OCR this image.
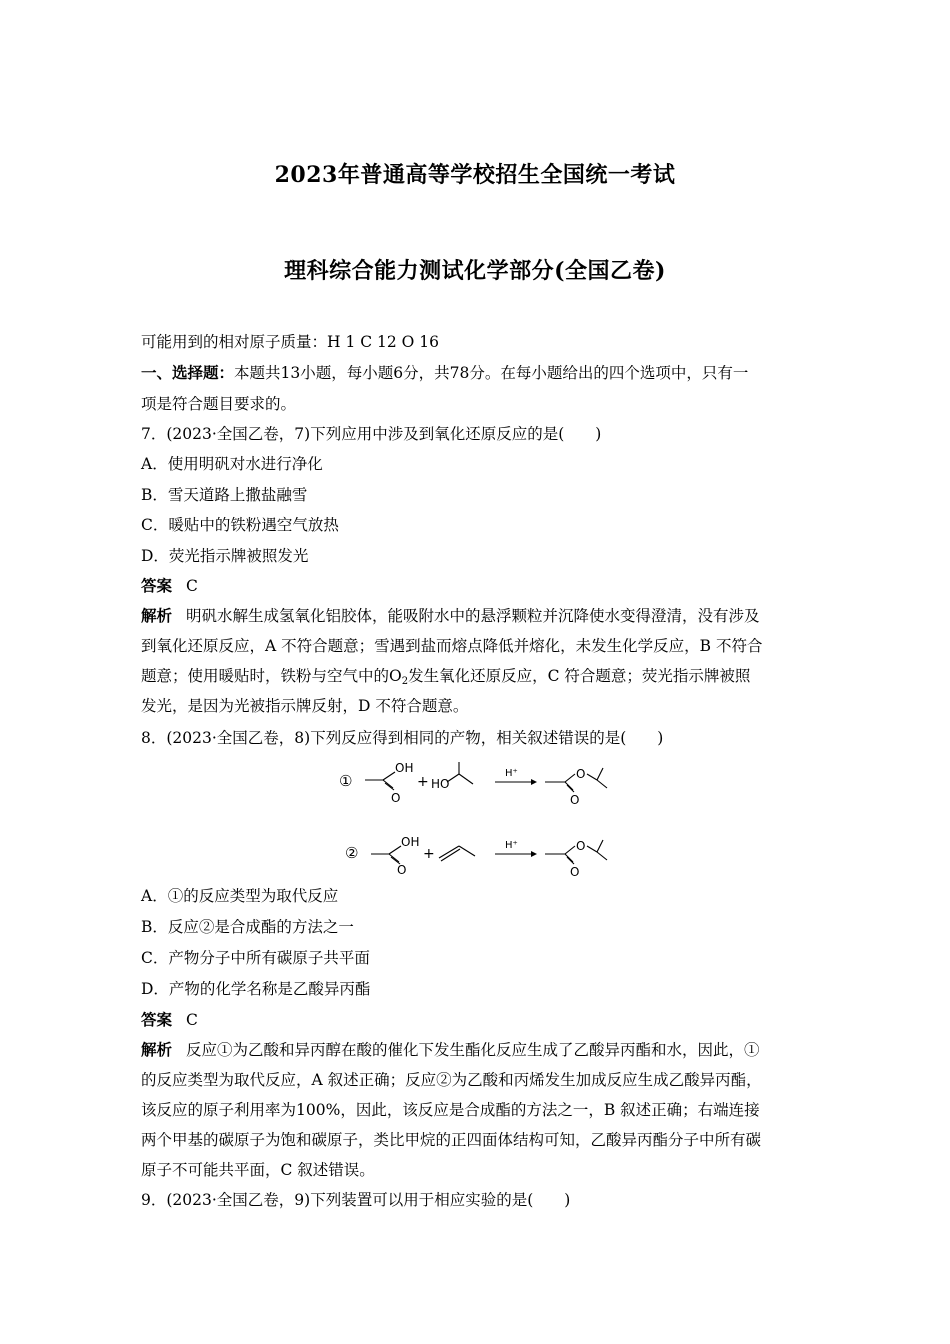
2023年普通高等学校招生全国统一考试
理科综合能力测试化学部分(全国乙卷)
可能用到的相对原子质量：H 1 C 12 O 16
一、选择题：本题共13小题，每小题6分，共78分。在每小题给出的四个选项中，只有一
项是符合题目要求的。
7．(2023·全国乙卷，7)下列应用中涉及到氧化还原反应的是(　　)
A．使用明矾对水进行净化
B．雪天道路上撒盐融雪
C．暖贴中的铁粉遇空气放热
D．荧光指示牌被照发光
答案 C
解析 明矾水解生成氢氧化铝胶体，能吸附水中的悬浮颗粒并沉降使水变得澄清，没有涉及
到氧化还原反应，A 不符合题意；雪遇到盐而熔点降低并熔化，未发生化学反应，B 不符合
题意；使用暖贴时，铁粉与空气中的$O_2$发生氧化还原反应，C 符合题意；荧光指示牌被照
发光，是因为光被指示牌反射，D 不符合题意。
8．(2023·全国乙卷，8)下列反应得到相同的产物，相关叙述错误的是(　　)
①
OH
O
+ HO
H⁺	O
O
②
OH
O
+
H⁺	O
O
A．①的反应类型为取代反应
B．反应②是合成酯的方法之一
C．产物分子中所有碳原子共平面
D．产物的化学名称是乙酸异丙酯
答案 C
解析 反应①为乙酸和异丙醇在酸的催化下发生酯化反应生成了乙酸异丙酯和水，因此，①
的反应类型为取代反应，A 叙述正确；反应②为乙酸和丙烯发生加成反应生成乙酸异丙酯，
该反应的原子利用率为100%，因此，该反应是合成酯的方法之一，B 叙述正确；右端连接
两个甲基的碳原子为饱和碳原子，类比甲烷的正四面体结构可知，乙酸异丙酯分子中所有碳
原子不可能共平面，C 叙述错误。
9．(2023·全国乙卷，9)下列装置可以用于相应实验的是(　　)
